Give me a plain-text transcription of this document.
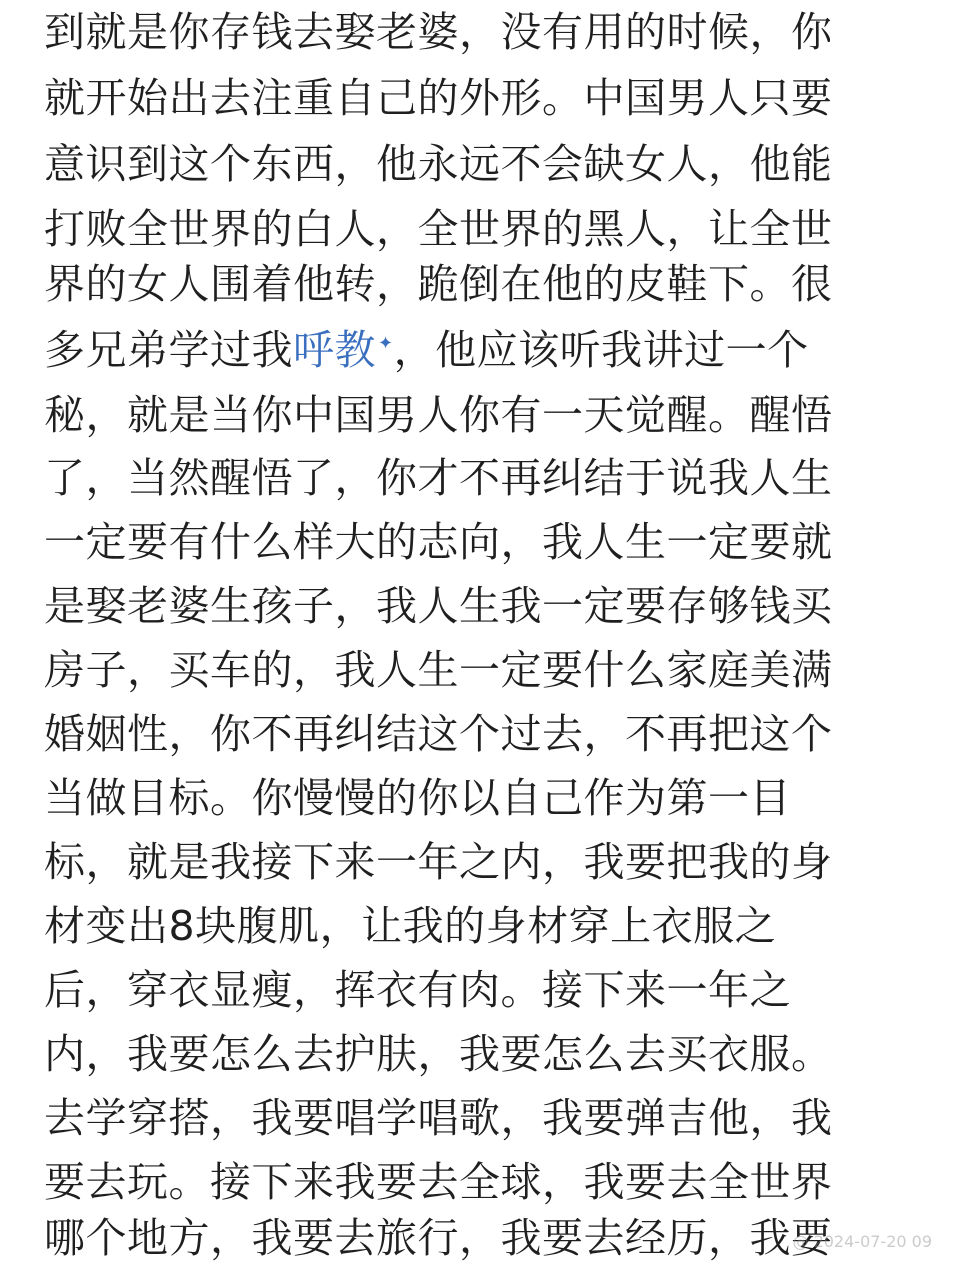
到就是你存钱去娶老婆，没有用的时候，你
就开始出去注重自己的外形。中国男人只要
意识到这个东西，他永远不会缺女人，他能
打败全世界的白人，全世界的黑人，让全世
界的女人围着他转，跪倒在他的皮鞋下。很
多兄弟学过我呼教 ✦，他应该听我讲过一个
秘，就是当你中国男人你有一天觉醒。醒悟
了，当然醒悟了，你才不再纠结于说我人生
一定要有什么样大的志向，我人生一定要就
是娶老婆生孩子，我人生我一定要存够钱买
房子，买车的，我人生一定要什么家庭美满
婚姻性，你不再纠结这个过去，不再把这个
当做目标。你慢慢的你以自己作为第一目
标，就是我接下来一年之内，我要把我的身
材变出8块腹肌，让我的身材穿上衣服之
后，穿衣显瘦，挥衣有肉。接下来一年之
内，我要怎么去护肤，我要怎么去买衣服。
去学穿搭，我要唱学唱歌，我要弹吉他，我
要去玩。接下来我要去全球，我要去全世界
哪个地方，我要去旅行，我要去经历，我要
@ 2024-07-20 09
